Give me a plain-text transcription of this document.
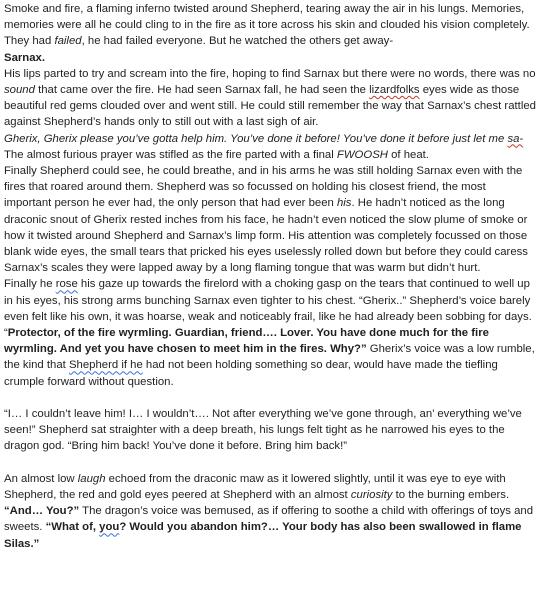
Smoke and fire, a flaming inferno twisted around Shepherd, tearing away the air in his lungs. Memories, memories were all he could cling to in the fire as it tore across his skin and clouded his vision completely. They had failed, he had failed everyone. But he watched the others get away-

Sarnax.

His lips parted to try and scream into the fire, hoping to find Sarnax but there were no words, there was no sound that came over the fire. He had seen Sarnax fall, he had seen the lizardfolks eyes wide as those beautiful red gems clouded over and went still. He could still remember the way that Sarnax’s chest rattled against Shepherd’s hands only to still out with a last sigh of air.

Gherix, Gherix please you’ve gotta help him. You’ve done it before! You’ve done it before just let me sa- The almost furious prayer was stifled as the fire parted with a final FWOOSH of heat.

Finally Shepherd could see, he could breathe, and in his arms he was still holding Sarnax even with the fires that roared around them. Shepherd was so focussed on holding his closest friend, the most important person he ever had, the only person that had ever been his. He hadn’t noticed as the long draconic snout of Gherix rested inches from his face, he hadn’t even noticed the slow plume of smoke or how it twisted around Shepherd and Sarnax’s limp form. His attention was completely focussed on those blank wide eyes, the small tears that pricked his eyes uselessly rolled down but before they could caress Sarnax’s scales they were lapped away by a long flaming tongue that was warm but didn’t hurt.

Finally he rose his gaze up towards the firelord with a choking gasp on the tears that continued to well up in his eyes, his strong arms bunching Sarnax even tighter to his chest. “Gherix..” Shepherd’s voice barely even felt like his own, it was hoarse, weak and noticeably frail, like he had already been sobbing for days.

“Protector, of the fire wyrmling. Guardian, friend…. Lover. You have done much for the fire wyrmling. And yet you have chosen to meet him in the fires. Why?” Gherix’s voice was a low rumble, the kind that Shepherd if he had not been holding something so dear, would have made the tiefling crumple forward without question.

“I… I couldn’t leave him! I… I wouldn’t…. Not after everything we’ve gone through, an’ everything we’ve seen!” Shepherd sat straighter with a deep breath, his lungs felt tight as he narrowed his eyes to the dragon god. “Bring him back! You’ve done it before. Bring him back!”

An almost low laugh echoed from the draconic maw as it lowered slightly, until it was eye to eye with Shepherd, the red and gold eyes peered at Shepherd with an almost curiosity to the burning embers. “And… You?” The dragon’s voice was bemused, as if offering to soothe a child with offerings of toys and sweets. “What of, you? Would you abandon him?… Your body has also been swallowed in flame Silas.”
